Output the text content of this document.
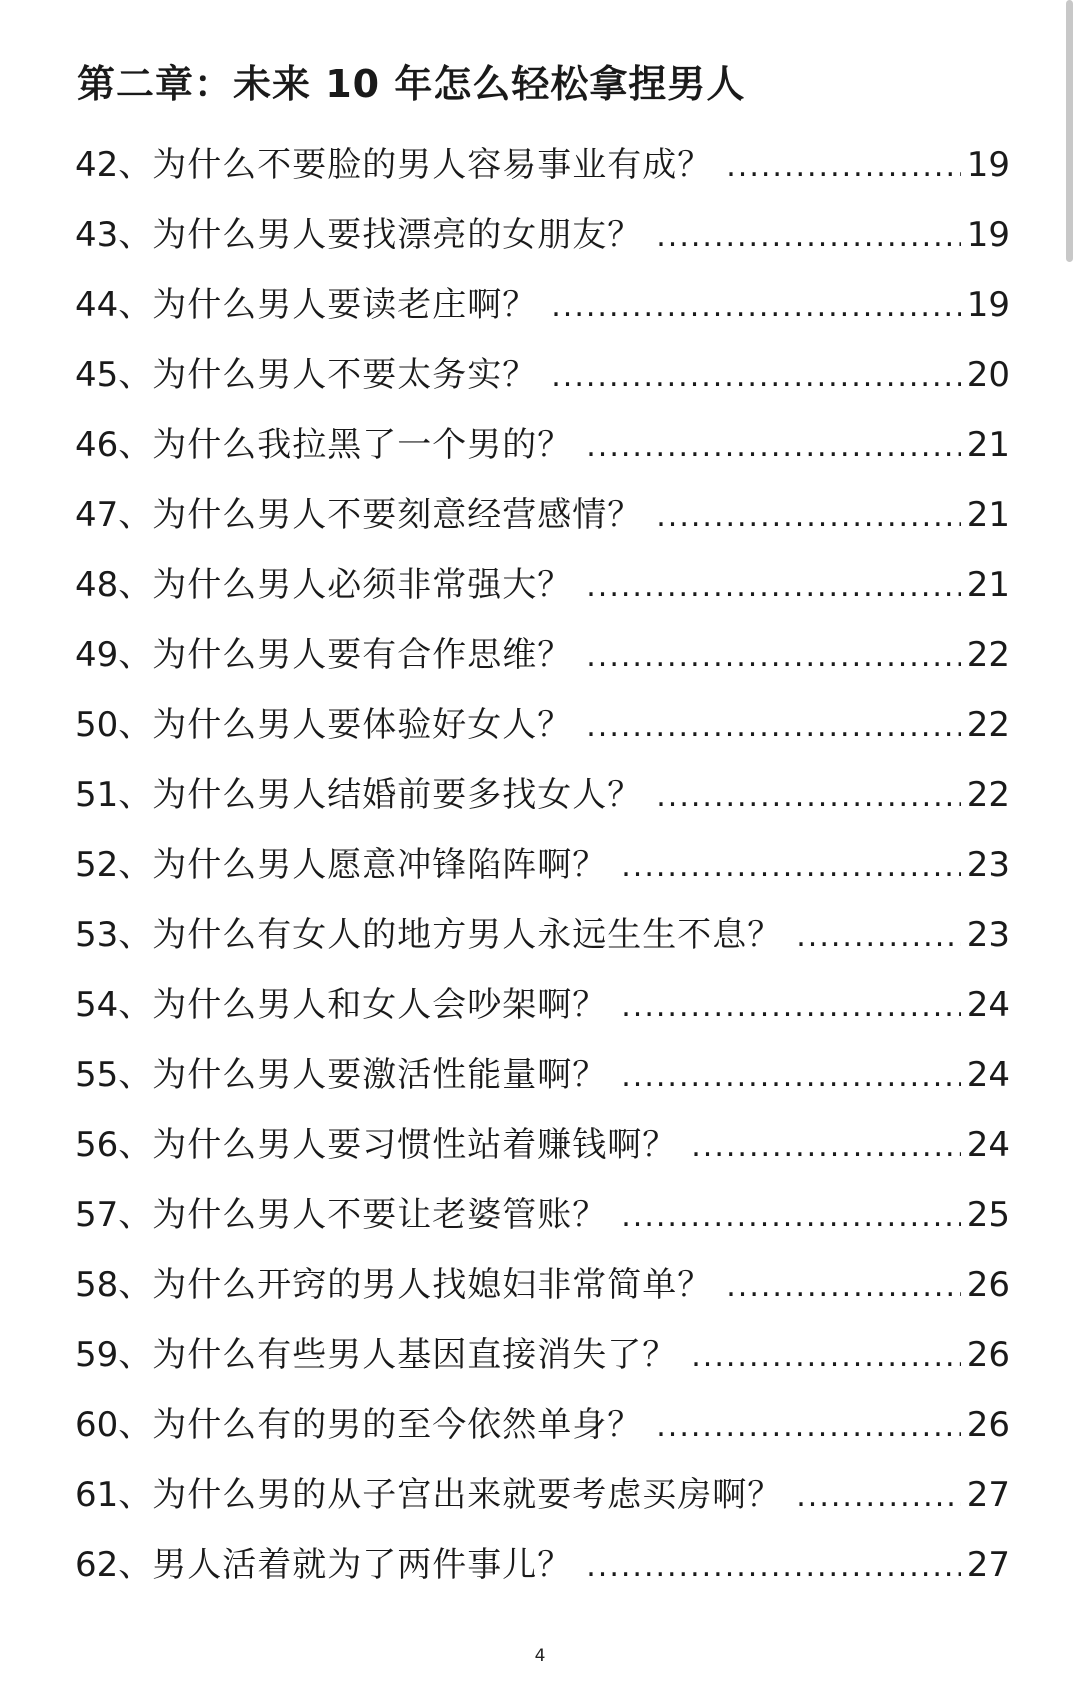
第二章：未来 10 年怎么轻松拿捏男人
42、 为什么不要脸的男人容易事业有成？ .....	19
43、 为什么男人要找漂亮的女朋友？ .....	19
44、 为什么男人要读老庄啊？ .....	19
45、 为什么男人不要太务实？ .....	20
46、 为什么我拉黑了一个男的？ .....	21
47、 为什么男人不要刻意经营感情？ .....	21
48、 为什么男人必须非常强大？ .....	21
49、 为什么男人要有合作思维？ .....	22
50、 为什么男人要体验好女人？ .....	22
51、 为什么男人结婚前要多找女人？ .....	22
52、 为什么男人愿意冲锋陷阵啊？ .....	23
53、 为什么有女人的地方男人永远生生不息？ .....	23
54、 为什么男人和女人会吵架啊？ .....	24
55、 为什么男人要激活性能量啊？ .....	24
56、 为什么男人要习惯性站着赚钱啊？ .....	24
57、 为什么男人不要让老婆管账？ .....	25
58、 为什么开窍的男人找媳妇非常简单？ .....	26
59、 为什么有些男人基因直接消失了？ .....	26
60、 为什么有的男的至今依然单身？ .....	26
61、 为什么男的从子宫出来就要考虑买房啊？ .....	27
62、 男人活着就为了两件事儿？ .....	27
4
